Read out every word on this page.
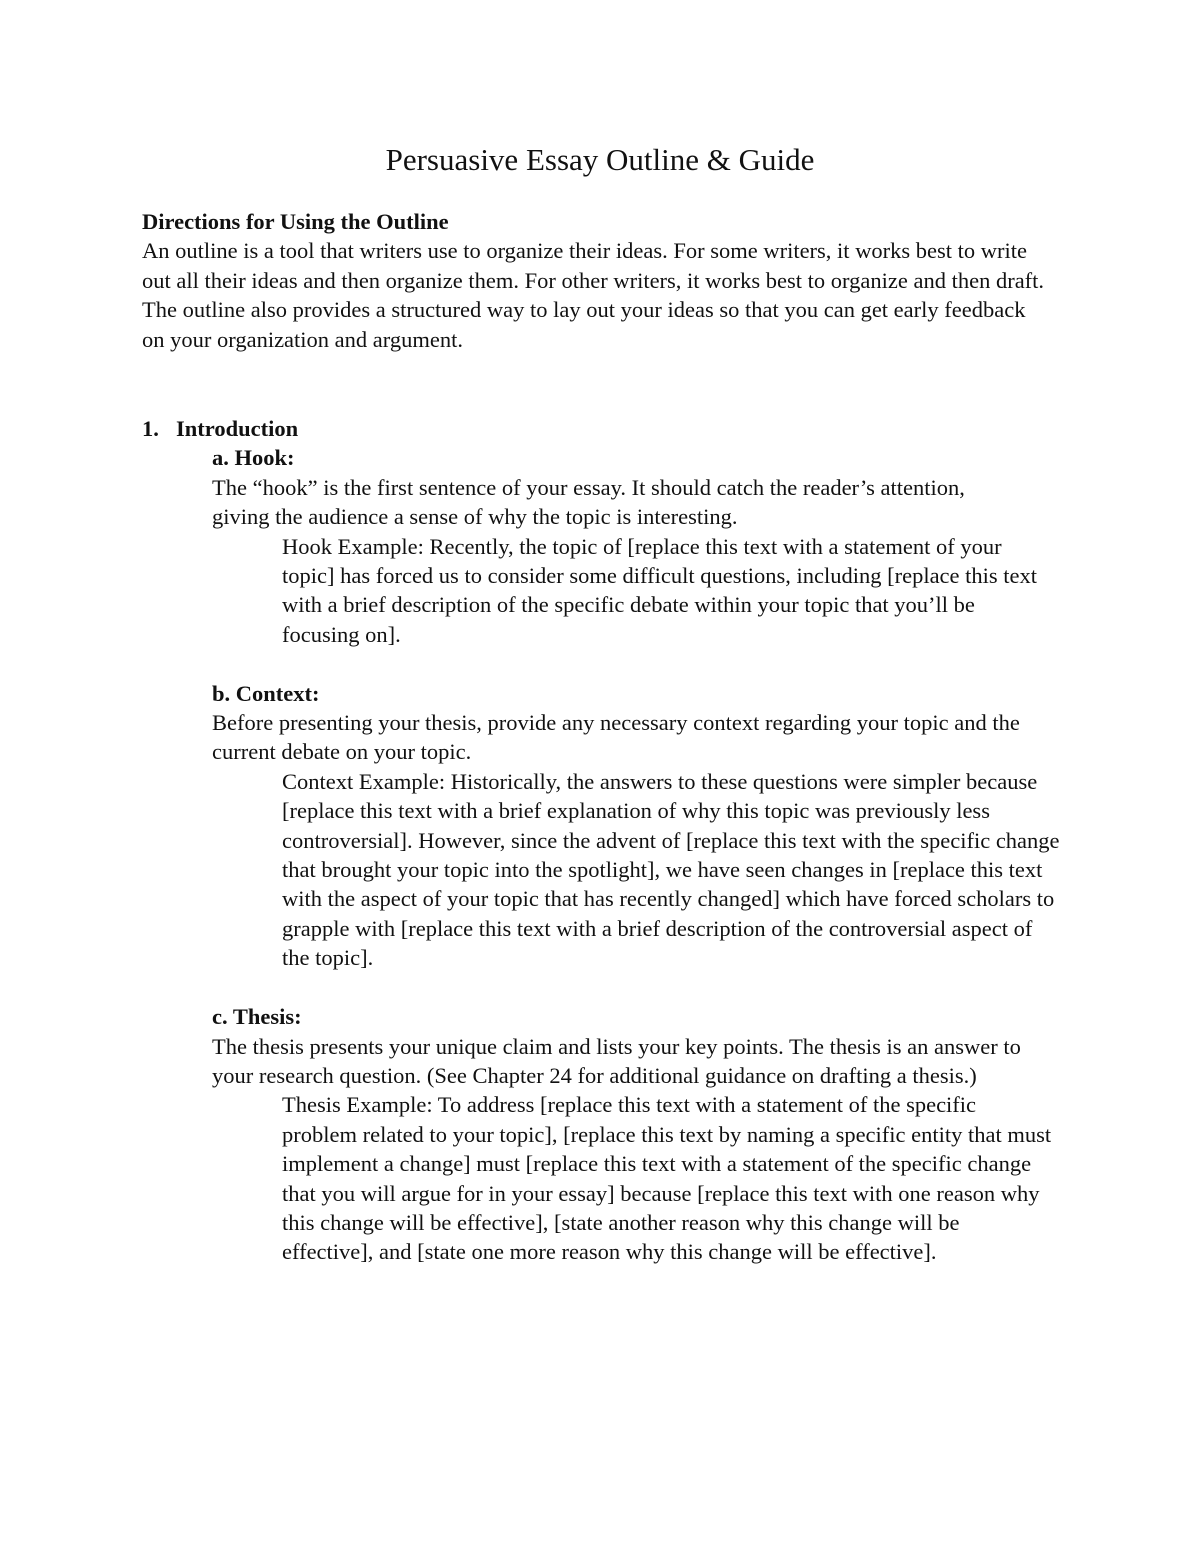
Persuasive Essay Outline & Guide

Directions for Using the Outline

An outline is a tool that writers use to organize their ideas. For some writers, it works best to write out all their ideas and then organize them. For other writers, it works best to organize and then draft. The outline also provides a structured way to lay out your ideas so that you can get early feedback on your organization and argument.

1. Introduction

a. Hook:

The “hook” is the first sentence of your essay. It should catch the reader’s attention, giving the audience a sense of why the topic is interesting.

Hook Example: Recently, the topic of [replace this text with a statement of your topic] has forced us to consider some difficult questions, including [replace this text with a brief description of the specific debate within your topic that you’ll be focusing on].

b. Context:

Before presenting your thesis, provide any necessary context regarding your topic and the current debate on your topic.

Context Example: Historically, the answers to these questions were simpler because [replace this text with a brief explanation of why this topic was previously less controversial]. However, since the advent of [replace this text with the specific change that brought your topic into the spotlight], we have seen changes in [replace this text with the aspect of your topic that has recently changed] which have forced scholars to grapple with [replace this text with a brief description of the controversial aspect of the topic].

c. Thesis:

The thesis presents your unique claim and lists your key points. The thesis is an answer to your research question. (See Chapter 24 for additional guidance on drafting a thesis.)

Thesis Example: To address [replace this text with a statement of the specific problem related to your topic], [replace this text by naming a specific entity that must implement a change] must [replace this text with a statement of the specific change that you will argue for in your essay] because [replace this text with one reason why this change will be effective], [state another reason why this change will be effective], and [state one more reason why this change will be effective].
